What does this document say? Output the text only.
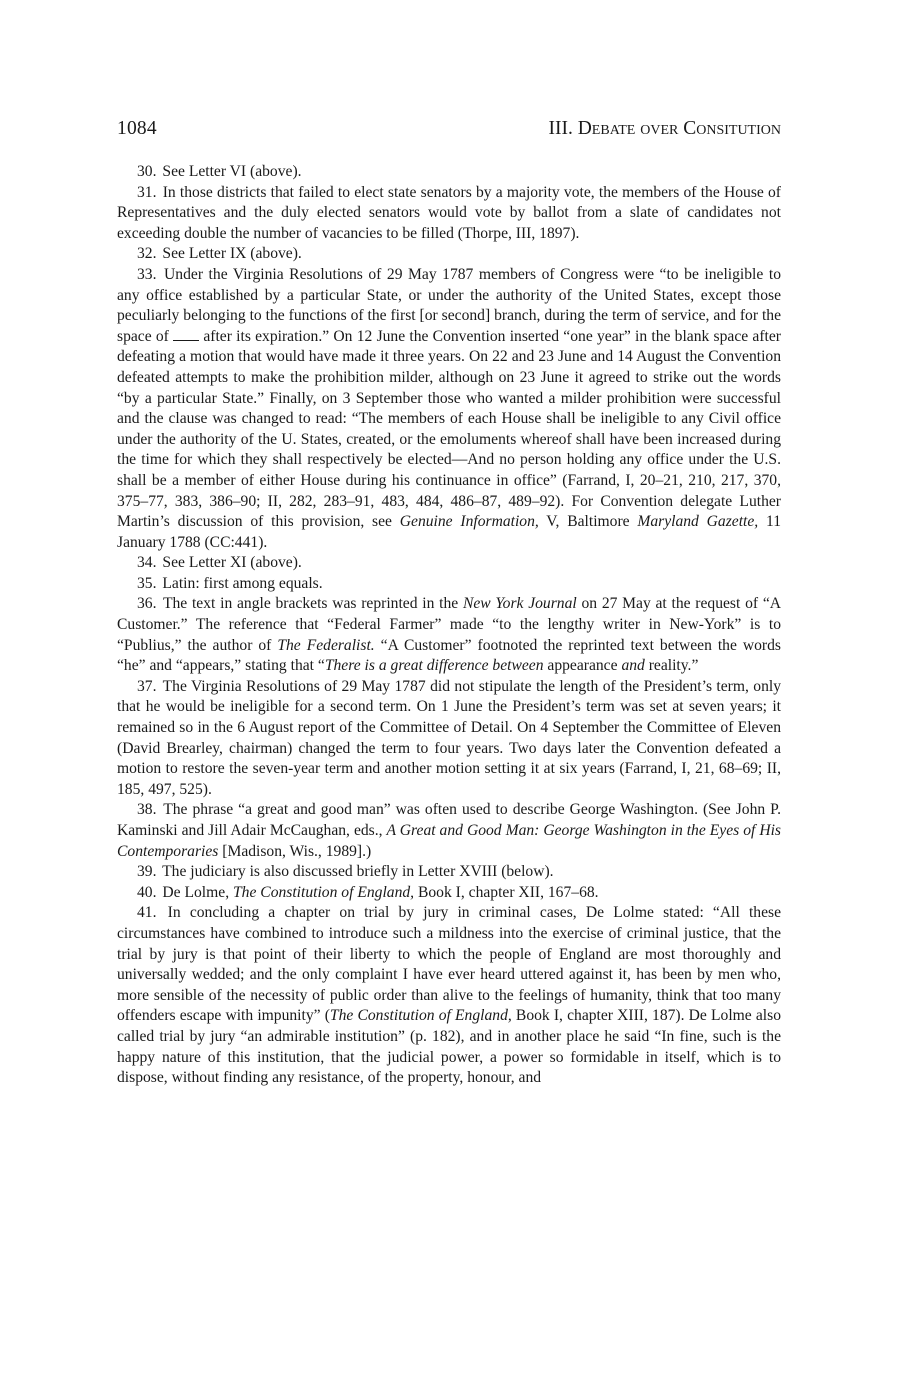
1084	III. Debate over Consitution

30. See Letter VI (above).

31. In those districts that failed to elect state senators by a majority vote, the members of the House of Representatives and the duly elected senators would vote by ballot from a slate of candidates not exceeding double the number of vacancies to be filled (Thorpe, III, 1897).

32. See Letter IX (above).

33. Under the Virginia Resolutions of 29 May 1787 members of Congress were “to be ineligible to any office established by a particular State, or under the authority of the United States, except those peculiarly belonging to the functions of the first [or second] branch, during the term of service, and for the space of  after its expiration.” On 12 June the Convention inserted “one year” in the blank space after defeating a motion that would have made it three years. On 22 and 23 June and 14 August the Convention defeated attempts to make the prohibition milder, although on 23 June it agreed to strike out the words “by a particular State.” Finally, on 3 September those who wanted a milder prohibition were successful and the clause was changed to read: “The members of each House shall be ineligible to any Civil office under the authority of the U. States, created, or the emoluments whereof shall have been increased during the time for which they shall respectively be elected—And no person holding any office under the U.S. shall be a member of either House during his continuance in office” (Farrand, I, 20–21, 210, 217, 370, 375–77, 383, 386–90; II, 282, 283–91, 483, 484, 486–87, 489–92). For Convention delegate Luther Martin’s discussion of this provision, see Genuine Information, V, Baltimore Maryland Gazette, 11 January 1788 (CC:441).

34. See Letter XI (above).

35. Latin: first among equals.

36. The text in angle brackets was reprinted in the New York Journal on 27 May at the request of “A Customer.” The reference that “Federal Farmer” made “to the lengthy writer in New-York” is to “Publius,” the author of The Federalist. “A Customer” footnoted the reprinted text between the words “he” and “appears,” stating that “There is a great difference between appearance and reality.”

37. The Virginia Resolutions of 29 May 1787 did not stipulate the length of the President’s term, only that he would be ineligible for a second term. On 1 June the President’s term was set at seven years; it remained so in the 6 August report of the Committee of Detail. On 4 September the Committee of Eleven (David Brearley, chairman) changed the term to four years. Two days later the Convention defeated a motion to restore the seven-year term and another motion setting it at six years (Farrand, I, 21, 68–69; II, 185, 497, 525).

38. The phrase “a great and good man” was often used to describe George Washington. (See John P. Kaminski and Jill Adair McCaughan, eds., A Great and Good Man: George Washington in the Eyes of His Contemporaries [Madison, Wis., 1989].)

39. The judiciary is also discussed briefly in Letter XVIII (below).

40. De Lolme, The Constitution of England, Book I, chapter XII, 167–68.

41. In concluding a chapter on trial by jury in criminal cases, De Lolme stated: “All these circumstances have combined to introduce such a mildness into the exercise of criminal justice, that the trial by jury is that point of their liberty to which the people of England are most thoroughly and universally wedded; and the only complaint I have ever heard uttered against it, has been by men who, more sensible of the necessity of public order than alive to the feelings of humanity, think that too many offenders escape with impunity” (The Constitution of England, Book I, chapter XIII, 187). De Lolme also called trial by jury “an admirable institution” (p. 182), and in another place he said “In fine, such is the happy nature of this institution, that the judicial power, a power so formidable in itself, which is to dispose, without finding any resistance, of the property, honour, and
